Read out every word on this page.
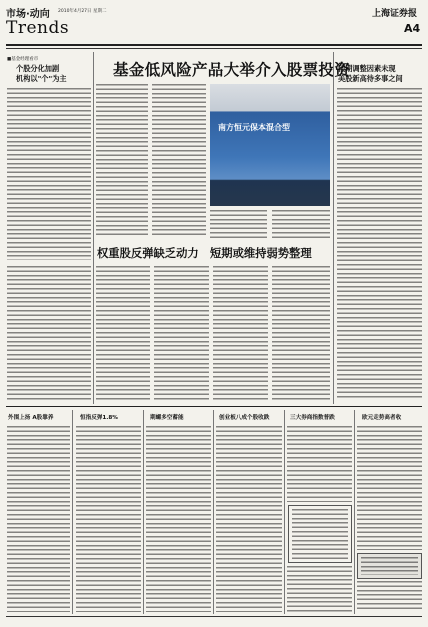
市场·动向
Trends
2010年4月27日 星期二	上海证券报
A4
基金低风险产品大举介入股票投资
■基金经理看市
个股分化加剧
机构以"个"为主
预期调整因素未现
美股新高待多事之间
南方恒元保本混合型
权重股反弹缺乏动力　短期或维持弱势整理
外围上扬 A股靠养	恒指反弹1.8%	期螺多空蓄能	创业板八成个股收跌	三大券商指数普跌	欧元走势高者收
